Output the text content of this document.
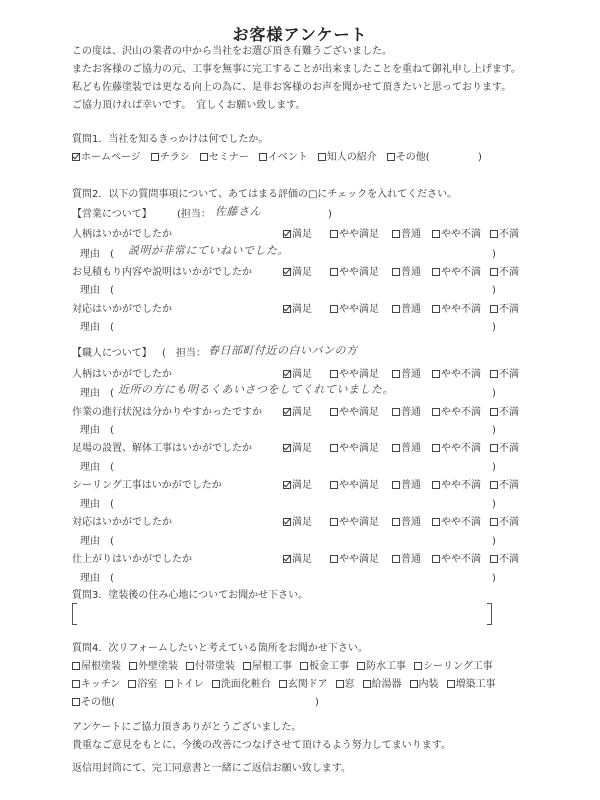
お客様アンケート
この度は、沢山の業者の中から当社をお選び頂き有難うございました。
またお客様のご協力の元、工事を無事に完工することが出来ましたことを重ねて御礼申し上げます。
私ども佐藤塗装では更なる向上の為に、是非お客様のお声を聞かせて頂きたいと思っております。
ご協力頂ければ幸いです。　宜しくお願い致します。
質問1．当社を知るきっかけは何でしたか。
ホームページ	チラシ	セミナー	イベント	知人の紹介	その他(	)
質問2．以下の質問事項について、あてはまる評価の□にチェックを入れてください。
【営業について】	(担当： 佐藤さん	)
人柄はいかがでしたか	満足	やや満足	普通	やや不満	不満
理由　( 説明が非常にていねいでした。	)
お見積もり内容や説明はいかがでしたか	満足	やや満足	普通	やや不満	不満
理由　(	)
対応はいかがでしたか	満足	やや満足	普通	やや不満	不満
理由　(	)
【職人について】 (　担当： 春日部町付近の白いバンの方
人柄はいかがでしたか	満足	やや満足	普通	やや不満	不満
理由　( 近所の方にも明るくあいさつをしてくれていました。	)
作業の進行状況は分かりやすかったですか	満足	やや満足	普通	やや不満	不満
理由　(	)
足場の設置、解体工事はいかがでしたか	満足	やや満足	普通	やや不満	不満
理由　(	)
シーリング工事はいかがでしたか	満足	やや満足	普通	やや不満	不満
理由　(	)
対応はいかがでしたか	満足	やや満足	普通	やや不満	不満
理由　(	)
仕上がりはいかがでしたか	満足	やや満足	普通	やや不満	不満
理由　(	)
質問3．塗装後の住み心地についてお聞かせ下さい。
質問4．次リフォームしたいと考えている箇所をお聞かせ下さい。
屋根塗装	外壁塗装	付帯塗装	屋根工事	板金工事	防水工事	シーリング工事
キッチン	浴室	トイレ	洗面化粧台	玄関ドア	窓	給湯器	内装	増築工事
その他(	)
アンケートにご協力頂きありがとうございました。
貴重なご意見をもとに、今後の改善につなげさせて頂けるよう努力してまいります。
返信用封筒にて、完工同意書と一緒にご返信お願い致します。
